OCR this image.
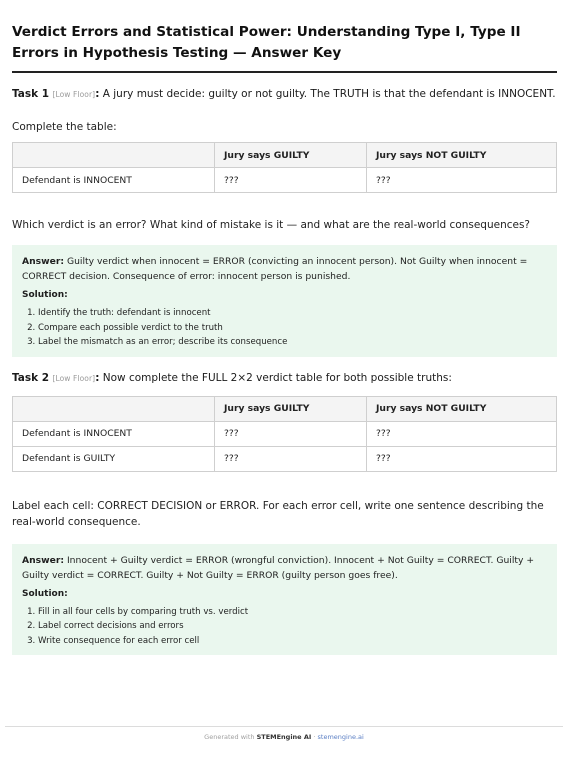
Verdict Errors and Statistical Power: Understanding Type I, Type II Errors in Hypothesis Testing — Answer Key
Task 1 [Low Floor]: A jury must decide: guilty or not guilty. The TRUTH is that the defendant is INNOCENT.
Complete the table:
	Jury says GUILTY	Jury says NOT GUILTY
Defendant is INNOCENT	???	???
Which verdict is an error? What kind of mistake is it — and what are the real-world consequences?
Answer: Guilty verdict when innocent = ERROR (convicting an innocent person). Not Guilty when innocent = CORRECT decision. Consequence of error: innocent person is punished.
Solution:
1. Identify the truth: defendant is innocent
2. Compare each possible verdict to the truth
3. Label the mismatch as an error; describe its consequence
Task 2 [Low Floor]: Now complete the FULL 2×2 verdict table for both possible truths:
	Jury says GUILTY	Jury says NOT GUILTY
Defendant is INNOCENT	???	???
Defendant is GUILTY	???	???
Label each cell: CORRECT DECISION or ERROR. For each error cell, write one sentence describing the real-world consequence.
Answer: Innocent + Guilty verdict = ERROR (wrongful conviction). Innocent + Not Guilty = CORRECT. Guilty + Guilty verdict = CORRECT. Guilty + Not Guilty = ERROR (guilty person goes free).
Solution:
1. Fill in all four cells by comparing truth vs. verdict
2. Label correct decisions and errors
3. Write consequence for each error cell
Generated with STEMEngine AI · stemengine.ai
